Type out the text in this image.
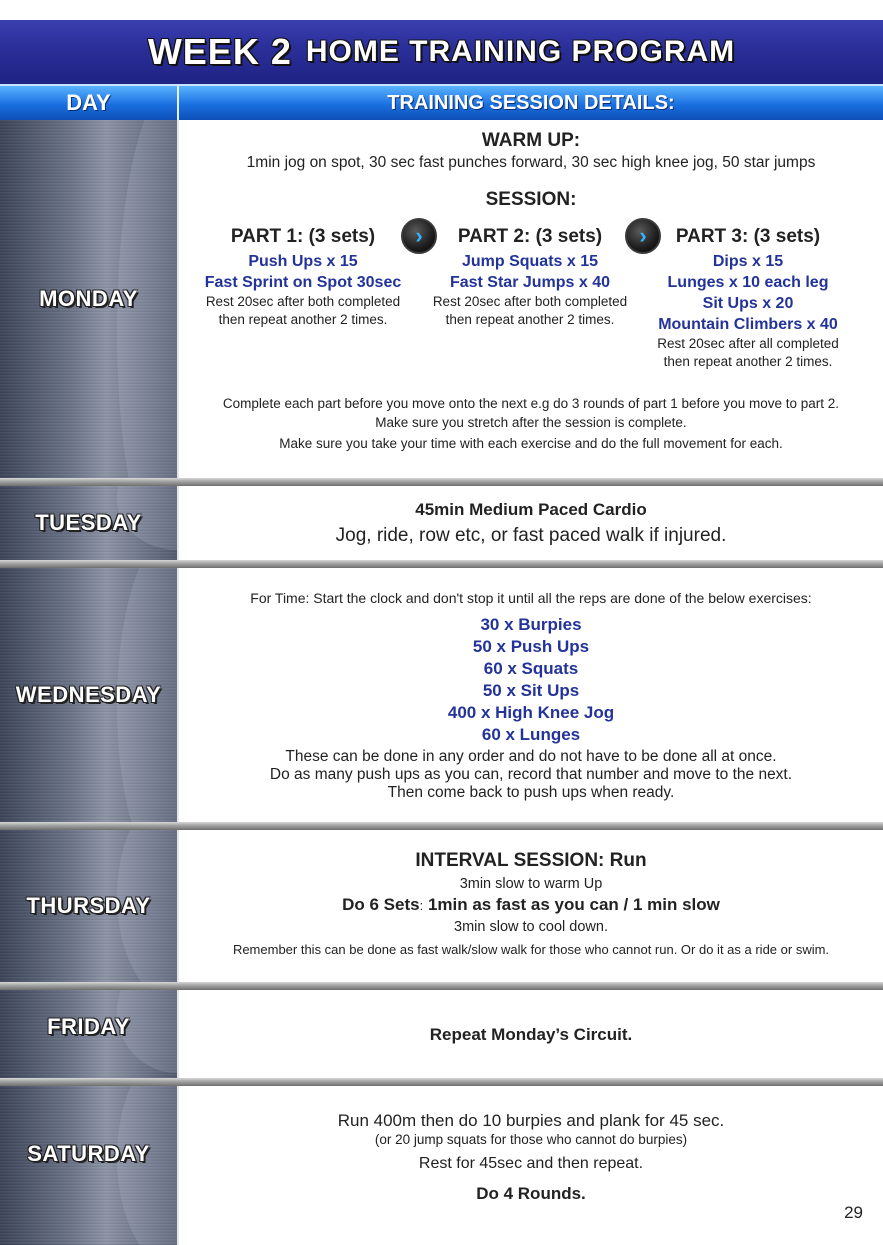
WEEK 2 HOME TRAINING PROGRAM
DAY	TRAINING SESSION DETAILS:
MONDAY
WARM UP:
1min jog on spot, 30 sec fast punches forward, 30 sec high knee jog, 50 star jumps
SESSION:
PART 1: (3 sets)
Push Ups x 15
Fast Sprint on Spot 30sec
Rest 20sec after both completed
then repeat another 2 times.
›	PART 2: (3 sets)
Jump Squats x 15
Fast Star Jumps x 40
Rest 20sec after both completed
then repeat another 2 times.
›	PART 3: (3 sets)
Dips x 15
Lunges x 10 each leg
Sit Ups x 20
Mountain Climbers x 40
Rest 20sec after all completed
then repeat another 2 times.
Complete each part before you move onto the next e.g do 3 rounds of part 1 before you move to part 2.
Make sure you stretch after the session is complete.
Make sure you take your time with each exercise and do the full movement for each.
TUESDAY
45min Medium Paced Cardio
Jog, ride, row etc, or fast paced walk if injured.
WEDNESDAY
For Time: Start the clock and don't stop it until all the reps are done of the below exercises:
30 x Burpies
50 x Push Ups
60 x Squats
50 x Sit Ups
400 x High Knee Jog
60 x Lunges
These can be done in any order and do not have to be done all at once.
Do as many push ups as you can, record that number and move to the next.
Then come back to push ups when ready.
THURSDAY
INTERVAL SESSION: Run
3min slow to warm Up
Do 6 Sets: 1min as fast as you can / 1 min slow
3min slow to cool down.
Remember this can be done as fast walk/slow walk for those who cannot run. Or do it as a ride or swim.
FRIDAY	Repeat Monday’s Circuit.
SATURDAY
Run 400m then do 10 burpies and plank for 45 sec.
(or 20 jump squats for those who cannot do burpies)
Rest for 45sec and then repeat.
Do 4 Rounds.
29
